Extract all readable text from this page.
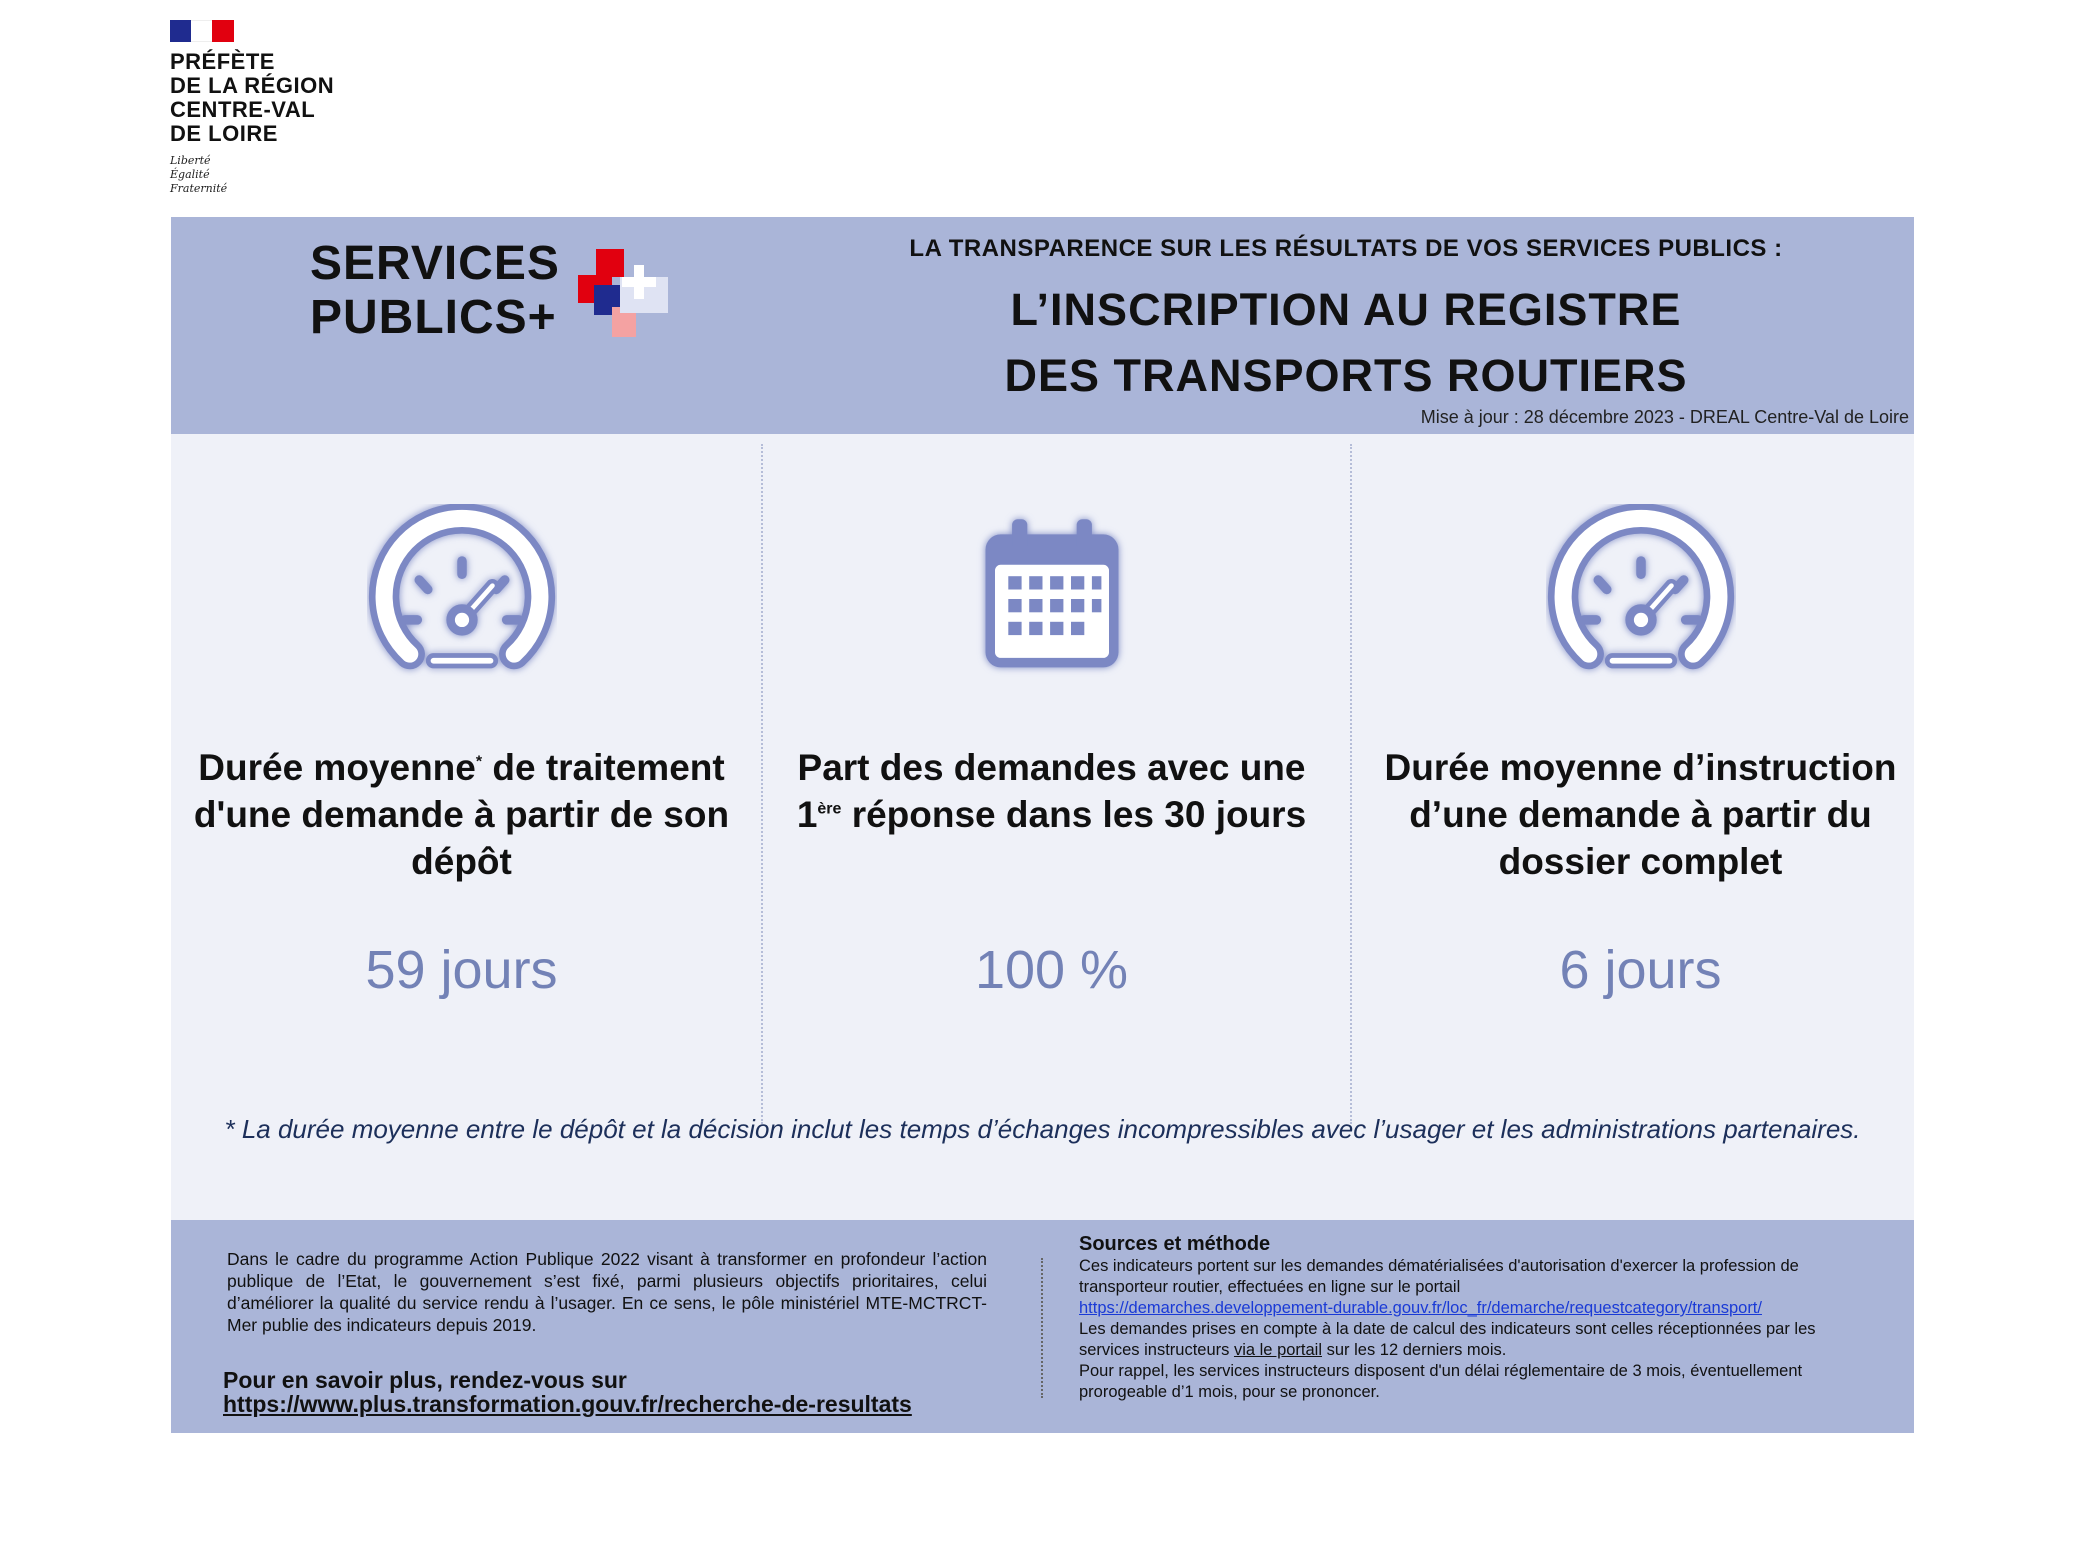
PRÉFÈTE
DE LA RÉGION
CENTRE-VAL
DE LOIRE
Liberté
Égalité
Fraternité
SERVICES
PUBLICS+
LA TRANSPARENCE SUR LES RÉSULTATS DE VOS SERVICES PUBLICS :
L’INSCRIPTION AU REGISTRE
DES TRANSPORTS ROUTIERS
Mise à jour : 28 décembre 2023 - DREAL Centre-Val de Loire
Durée moyenne* de traitement d'une demande à partir de son dépôt
59 jours
Part des demandes avec une 1ère réponse dans les 30 jours
100 %
Durée moyenne d’instruction d’une demande à partir du dossier complet
6 jours
* La durée moyenne entre le dépôt et la décision inclut les temps d’échanges incompressibles avec l’usager et les administrations partenaires.
Dans le cadre du programme Action Publique 2022 visant à transformer en profondeur l’action publique de l’Etat, le gouvernement s’est fixé, parmi plusieurs objectifs prioritaires, celui d’améliorer la qualité du service rendu à l’usager. En ce sens, le pôle ministériel MTE-MCTRCT-Mer publie des indicateurs depuis 2019.
Pour en savoir plus, rendez-vous sur
https://www.plus.transformation.gouv.fr/recherche-de-resultats
Sources et méthode
Ces indicateurs portent sur les demandes dématérialisées d'autorisation d'exercer la profession de transporteur routier, effectuées en ligne sur le portail
https://demarches.developpement-durable.gouv.fr/loc_fr/demarche/requestcategory/transport/
Les demandes prises en compte à la date de calcul des indicateurs sont celles réceptionnées par les services instructeurs via le portail sur les 12 derniers mois.
Pour rappel, les services instructeurs disposent d'un délai réglementaire de 3 mois, éventuellement prorogeable d’1 mois, pour se prononcer.
